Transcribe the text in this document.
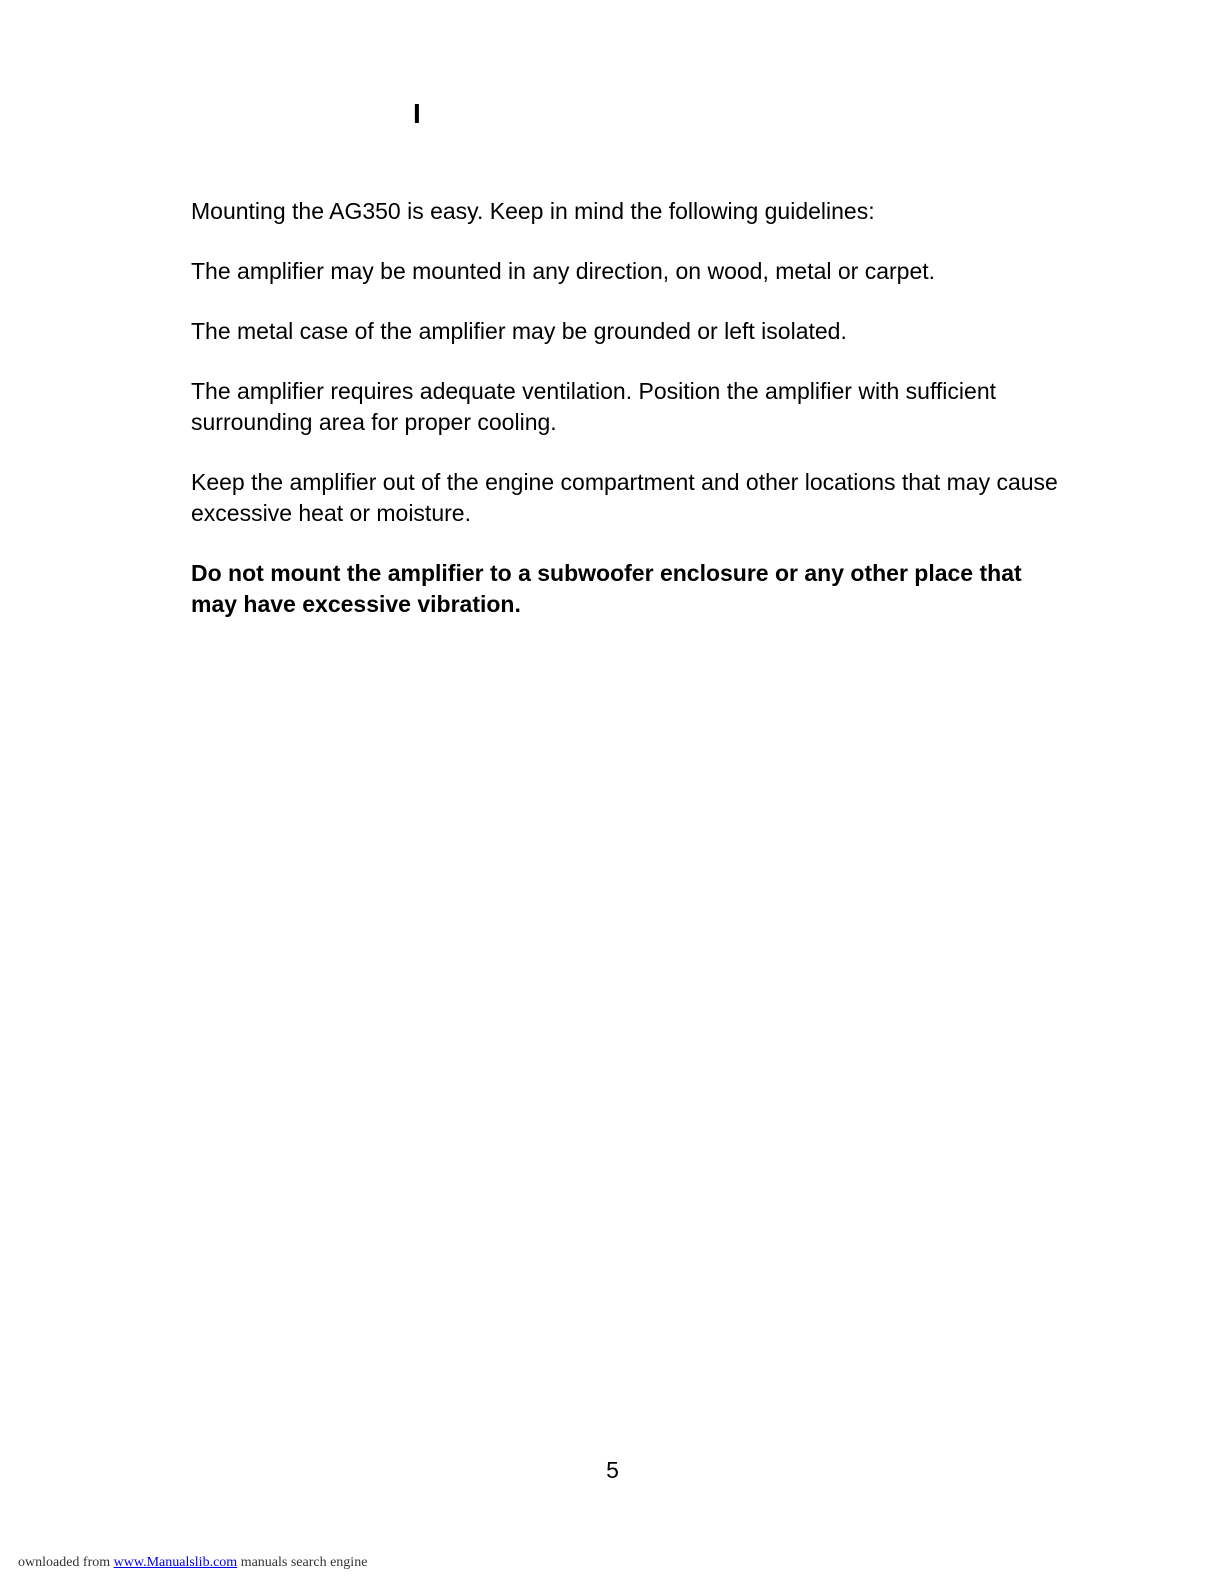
I

Mounting the AG350 is easy. Keep in mind the following guidelines:

The amplifier may be mounted in any direction, on wood, metal or carpet.

The metal case of the amplifier may be grounded or left isolated.

The amplifier requires adequate ventilation. Position the amplifier with sufficient surrounding area for proper cooling.

Keep the amplifier out of the engine compartment and other locations that may cause excessive heat or moisture.

Do not mount the amplifier to a subwoofer enclosure or any other place that may have excessive vibration.

5
ownloaded from www.Manualslib.com manuals search engine
